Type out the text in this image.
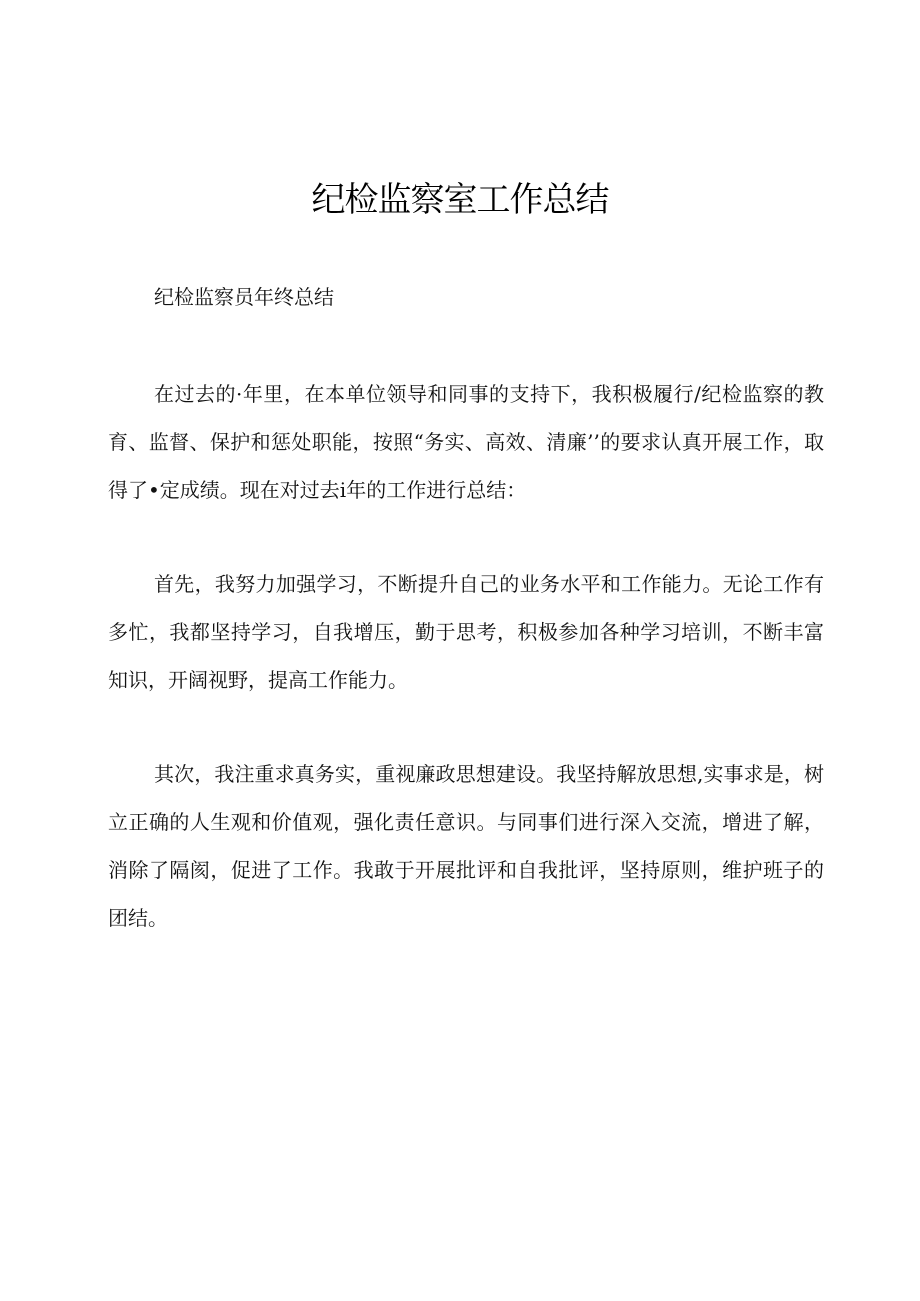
纪检监察室工作总结

纪检监察员年终总结

在过去的·年里，在本单位领导和同事的支持下，我积极履行/纪检监察的教育、监督、保护和惩处职能，按照“务实、高效、清廉’’的要求认真开展工作，取得了•定成绩。现在对过去i年的工作进行总结：

首先，我努力加强学习，不断提升自己的业务水平和工作能力。无论工作有多忙，我都坚持学习，自我增压，勤于思考，积极参加各种学习培训，不断丰富知识，开阔视野，提高工作能力。

其次，我注重求真务实，重视廉政思想建设。我坚持解放思想,实事求是，树立正确的人生观和价值观，强化责任意识。与同事们进行深入交流，增进了解，消除了隔阂，促进了工作。我敢于开展批评和自我批评，坚持原则，维护班子的团结。
